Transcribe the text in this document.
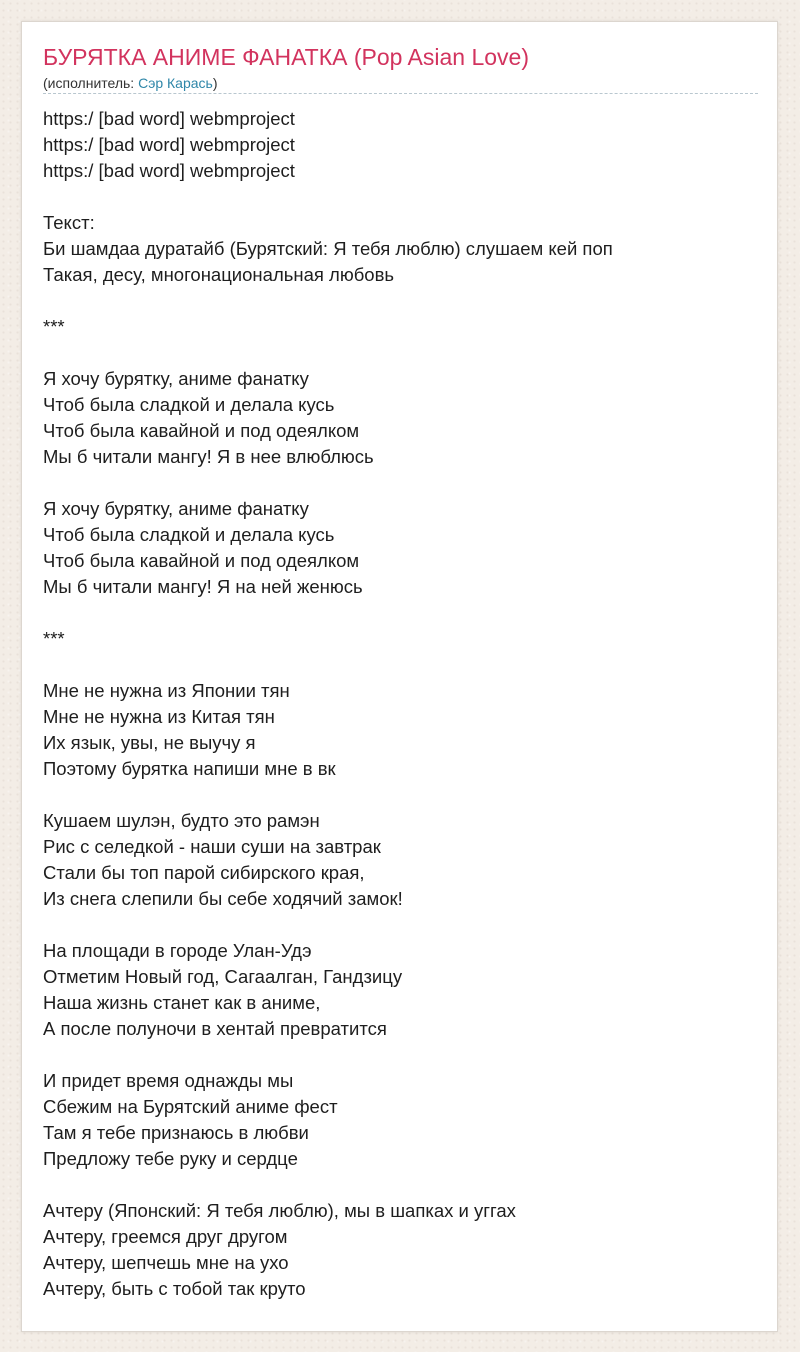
БУРЯТКА АНИМЕ ФАНАТКА (Pop Asian Love)
(исполнитель: Сэр Карась)
https:/ [bad word] webmproject
https:/ [bad word] webmproject
https:/ [bad word] webmproject
Текст:
Би шамдаа дуратайб (Бурятский: Я тебя люблю) слушаем кей поп
Такая, десу, многонациональная любовь
***
Я хочу бурятку, аниме фанатку
Чтоб была сладкой и делала кусь
Чтоб была кавайной и под одеялком
Мы б читали мангу! Я в нее влюблюсь
Я хочу бурятку, аниме фанатку
Чтоб была сладкой и делала кусь
Чтоб была кавайной и под одеялком
Мы б читали мангу! Я на ней женюсь
***
Мне не нужна из Японии тян
Мне не нужна из Китая тян
Их язык, увы, не выучу я
Поэтому бурятка напиши мне в вк
Кушаем шулэн, будто это рамэн
Рис с селедкой - наши суши на завтрак
Стали бы топ парой сибирского края,
Из снега слепили бы себе ходячий замок!
На площади в городе Улан-Удэ
Отметим Новый год, Сагаалган, Гандзицу
Наша жизнь станет как в аниме,
А после полуночи в хентай превратится
И придет время однажды мы
Сбежим на Бурятский аниме фест
Там я тебе признаюсь в любви
Предложу тебе руку и сердце
Ачтеру (Японский: Я тебя люблю), мы в шапках и уггах
Ачтеру, греемся друг другом
Ачтеру, шепчешь мне на ухо
Ачтеру, быть с тобой так круто
